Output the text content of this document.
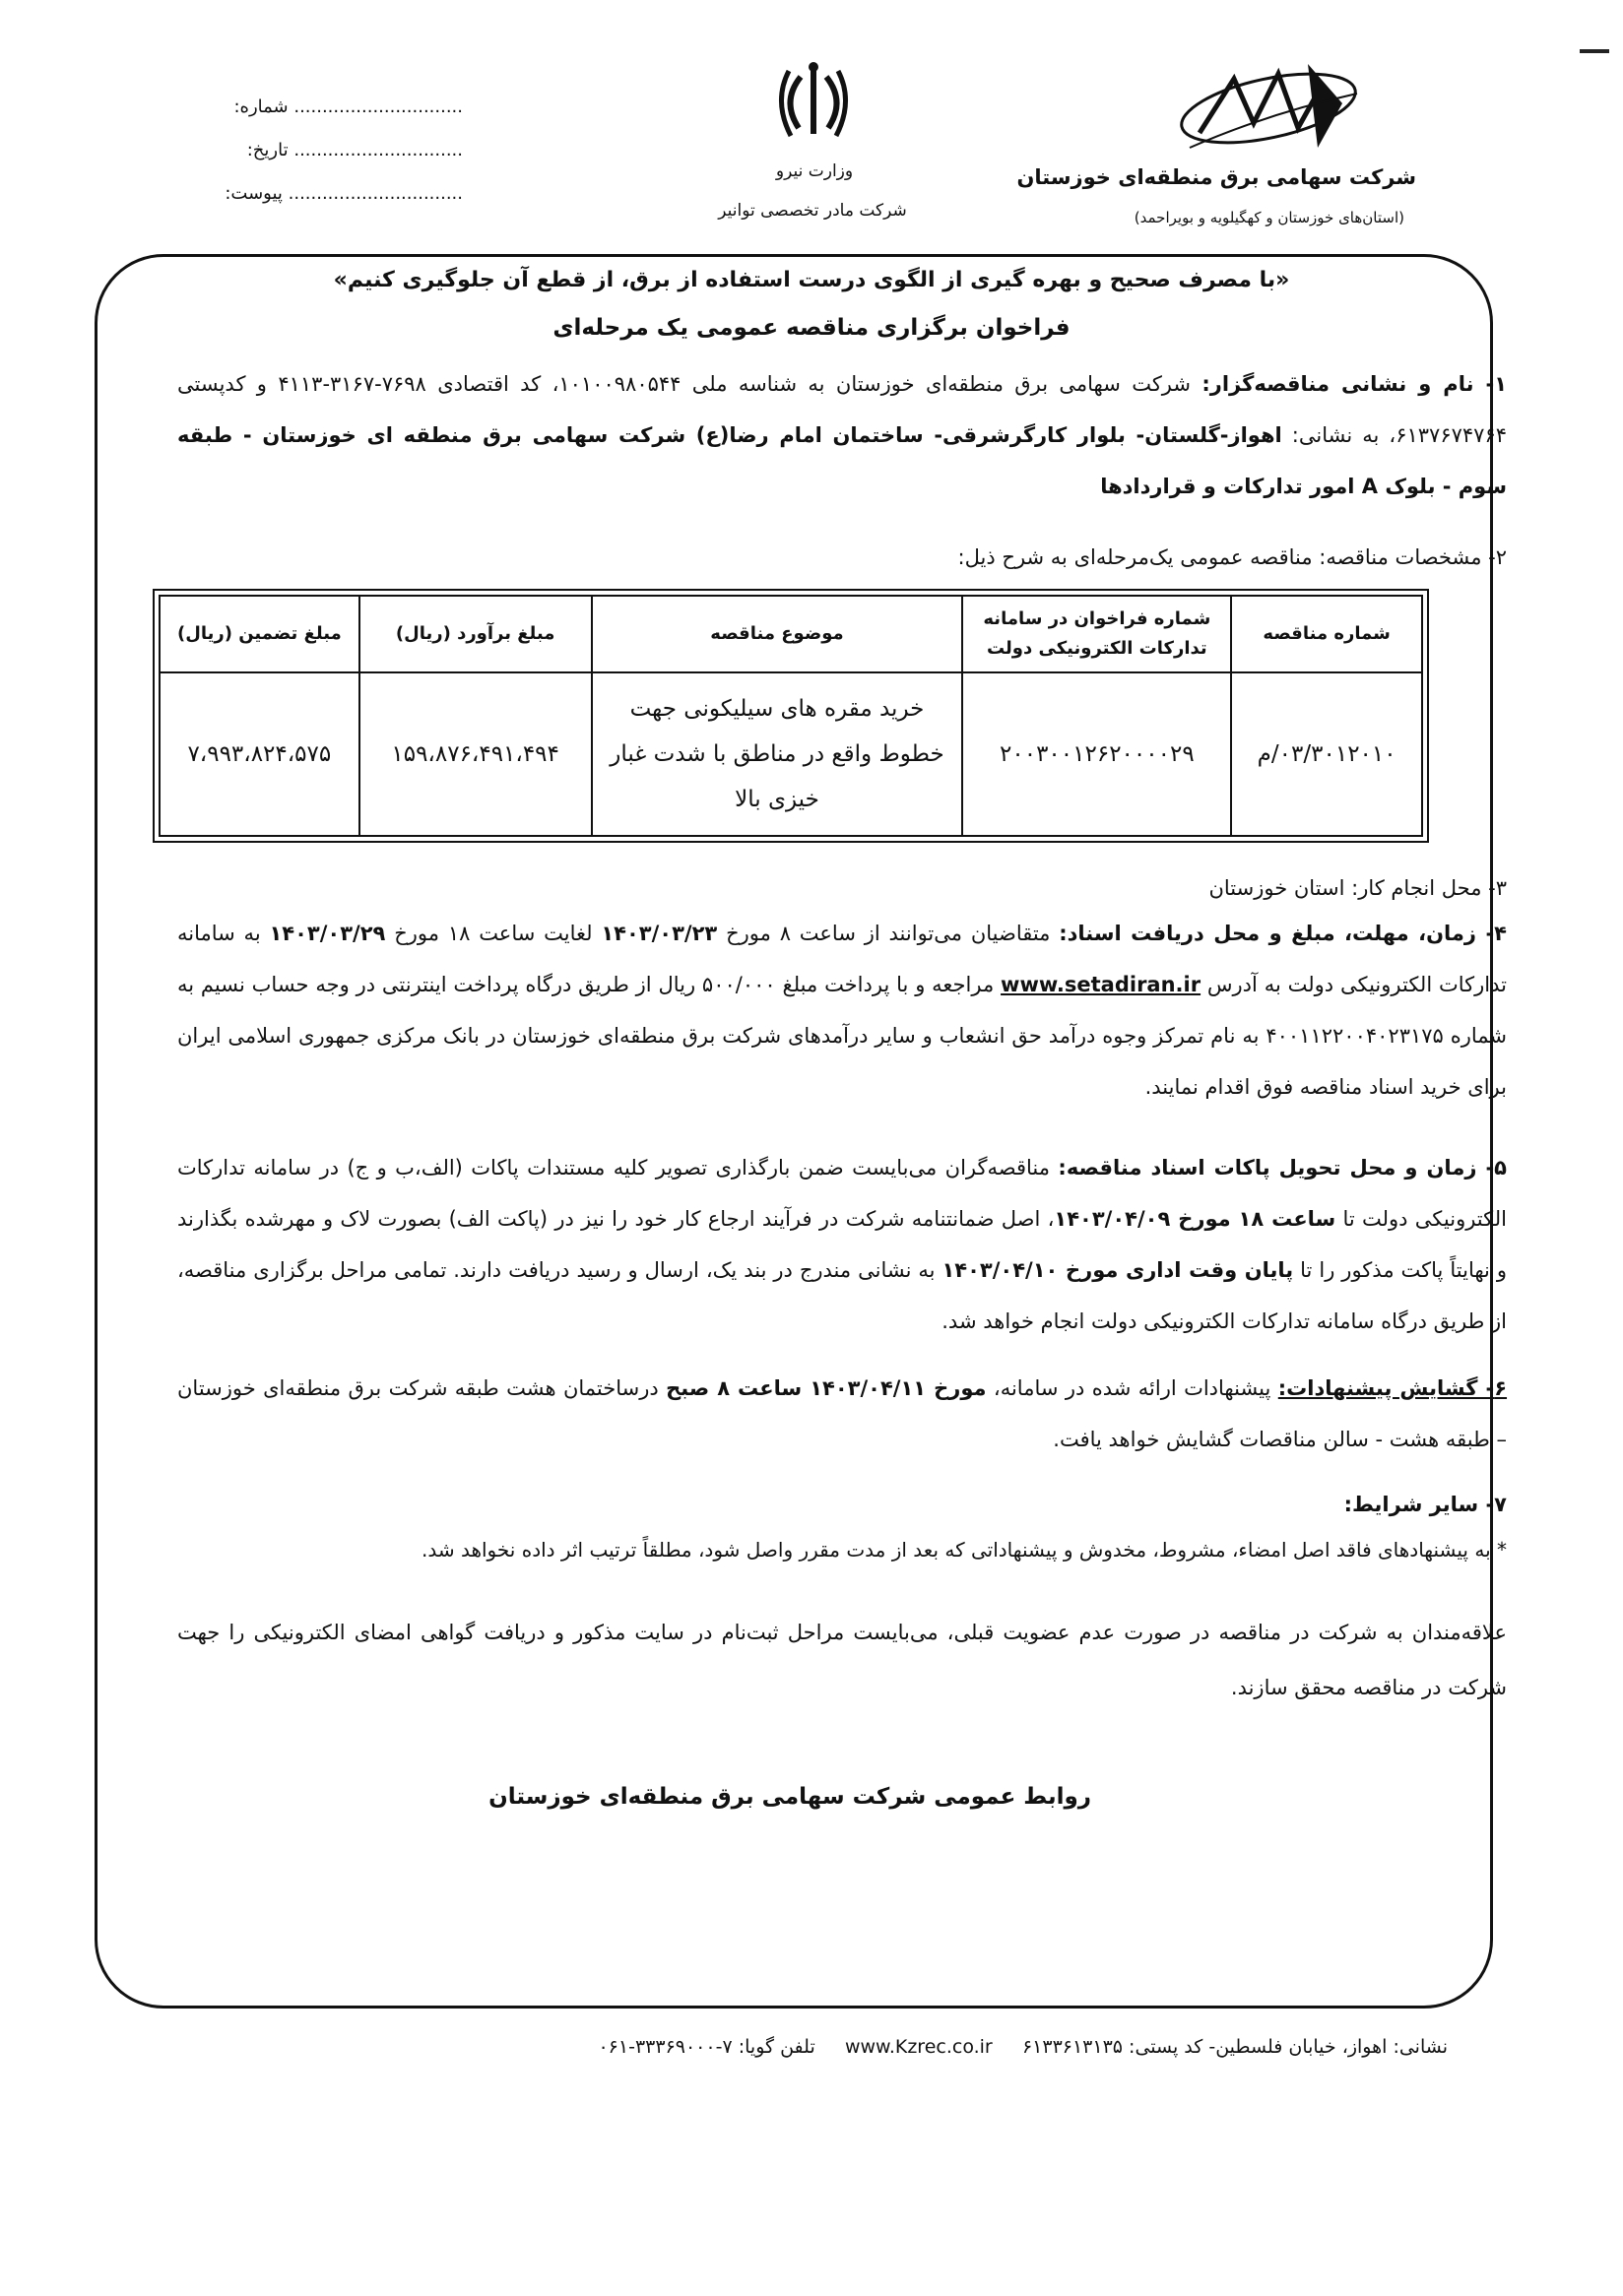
شرکت سهامی برق منطقه‌ای خوزستان
(استان‌های خوزستان و کهگیلویه و بویراحمد)
وزارت نیرو
شرکت مادر تخصصی توانیر
:شماره ..............................
:تاریخ ..............................
:پیوست ...............................
«با مصرف صحیح و بهره گیری از الگوی درست استفاده از برق، از قطع آن جلوگیری کنیم»
فراخوان برگزاری مناقصه عمومی یک مرحله‌ای
۱- نام و نشانی مناقصه‌گزار: شرکت سهامی برق منطقه‌ای خوزستان به شناسه ملی ۱۰۱۰۰۹۸۰۵۴۴، کد اقتصادی ۷۶۹۸-۳۱۶۷-۴۱۱۳ و کدپستی ۶۱۳۷۶۷۴۷۶۴، به نشانی: اهواز-گلستان- بلوار کارگرشرقی- ساختمان امام رضا(ع) شرکت سهامی برق منطقه ای خوزستان - طبقه سوم - بلوک A امور تدارکات و قراردادها
۲- مشخصات مناقصه: مناقصه عمومی یک‌مرحله‌ای به شرح ذیل:
شماره مناقصه	شماره فراخوان در سامانه تدارکات الکترونیکی دولت	موضوع مناقصه	مبلغ برآورد (ریال)	مبلغ تضمین (ریال)
۰۳/۳۰۱۲۰۱۰/م	۲۰۰۳۰۰۱۲۶۲۰۰۰۰۲۹	خرید مقره های سیلیکونی جهت خطوط واقع در مناطق با شدت غبار خیزی بالا	۱۵۹،۸۷۶،۴۹۱،۴۹۴	۷،۹۹۳،۸۲۴،۵۷۵
۳- محل انجام کار: استان خوزستان
۴- زمان، مهلت، مبلغ و محل دریافت اسناد: متقاضیان می‌توانند از ساعت ۸ مورخ ۱۴۰۳/۰۳/۲۳ لغایت ساعت ۱۸ مورخ ۱۴۰۳/۰۳/۲۹ به سامانه تدارکات الکترونیکی دولت به آدرس www.setadiran.ir مراجعه و با پرداخت مبلغ ۵۰۰/۰۰۰ ریال از طریق درگاه پرداخت اینترنتی در وجه حساب نسیم به شماره ۴۰۰۱۱۲۲۰۰۴۰۲۳۱۷۵ به نام تمرکز وجوه درآمد حق انشعاب و سایر درآمدهای شرکت برق منطقه‌ای خوزستان در بانک مرکزی جمهوری اسلامی ایران برای خرید اسناد مناقصه فوق اقدام نمایند.
۵- زمان و محل تحویل پاکات اسناد مناقصه: مناقصه‌گران می‌بایست ضمن بارگذاری تصویر کلیه مستندات پاکات (الف،ب و ج) در سامانه تدارکات الکترونیکی دولت تا ساعت ۱۸ مورخ ۱۴۰۳/۰۴/۰۹، اصل ضمانتنامه شرکت در فرآیند ارجاع کار خود را نیز در (پاکت الف) بصورت لاک و مهرشده بگذارند و نهایتاً پاکت مذکور را تا پایان وقت اداری مورخ ۱۴۰۳/۰۴/۱۰ به نشانی مندرج در بند یک، ارسال و رسید دریافت دارند. تمامی مراحل برگزاری مناقصه، از طریق درگاه سامانه تدارکات الکترونیکی دولت انجام خواهد شد.
۶- گشایش پیشنهادات: پیشنهادات ارائه شده در سامانه، مورخ ۱۴۰۳/۰۴/۱۱ ساعت ۸ صبح درساختمان هشت طبقه شرکت برق منطقه‌ای خوزستان – طبقه هشت - سالن مناقصات گشایش خواهد یافت.
۷- سایر شرایط:
* به پیشنهادهای فاقد اصل امضاء، مشروط، مخدوش و پیشنهاداتی که بعد از مدت مقرر واصل شود، مطلقاً ترتیب اثر داده نخواهد شد.
علاقه‌مندان به شرکت در مناقصه در صورت عدم عضویت قبلی، می‌بایست مراحل ثبت‌نام در سایت مذکور و دریافت گواهی امضای الکترونیکی را جهت شرکت در مناقصه محقق سازند.
روابط عمومی شرکت سهامی برق منطقه‌ای خوزستان
نشانی: اهواز، خیابان فلسطین- کد پستی: ۶۱۳۳۶۱۳۱۳۵     www.Kzrec.co.ir     تلفن گویا: ۷-۳۳۳۶۹۰۰۰-۰۶۱
